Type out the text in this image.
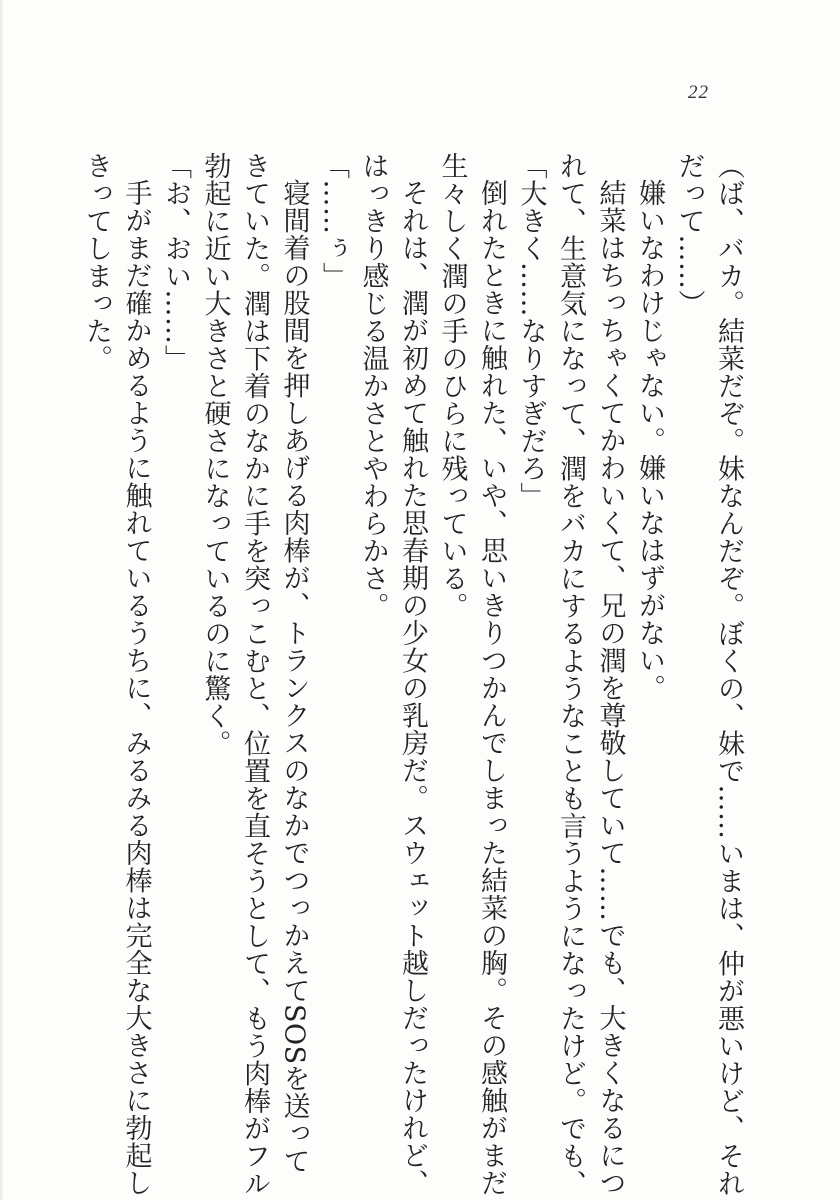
22
（ば、バカ。結菜だぞ。妹なんだぞ。ぼくの、妹で……いまは、仲が悪いけど、それ
だって……）
嫌いなわけじゃない。嫌いなはずがない。
結菜はちっちゃくてかわいくて、兄の潤を尊敬していて……でも、大きくなるにつ
れて、生意気になって、潤をバカにするようなことも言うようになったけど。でも、
「大きく……なりすぎだろ」
倒れたときに触れた、いや、思いきりつかんでしまった結菜の胸。その感触がまだ
生々しく潤の手のひらに残っている。
それは、潤が初めて触れた思春期の少女の乳房だ。スウェット越しだったけれど、
はっきり感じる温かさとやわらかさ。
「……ぅ」
寝間着の股間を押しあげる肉棒が、トランクスのなかでつっかえてSOSを送って
きていた。潤は下着のなかに手を突っこむと、位置を直そうとして、もう肉棒がフル
勃起に近い大きさと硬さになっているのに驚く。
「お、おい……」
手がまだ確かめるように触れているうちに、みるみる肉棒は完全な大きさに勃起し
きってしまった。
